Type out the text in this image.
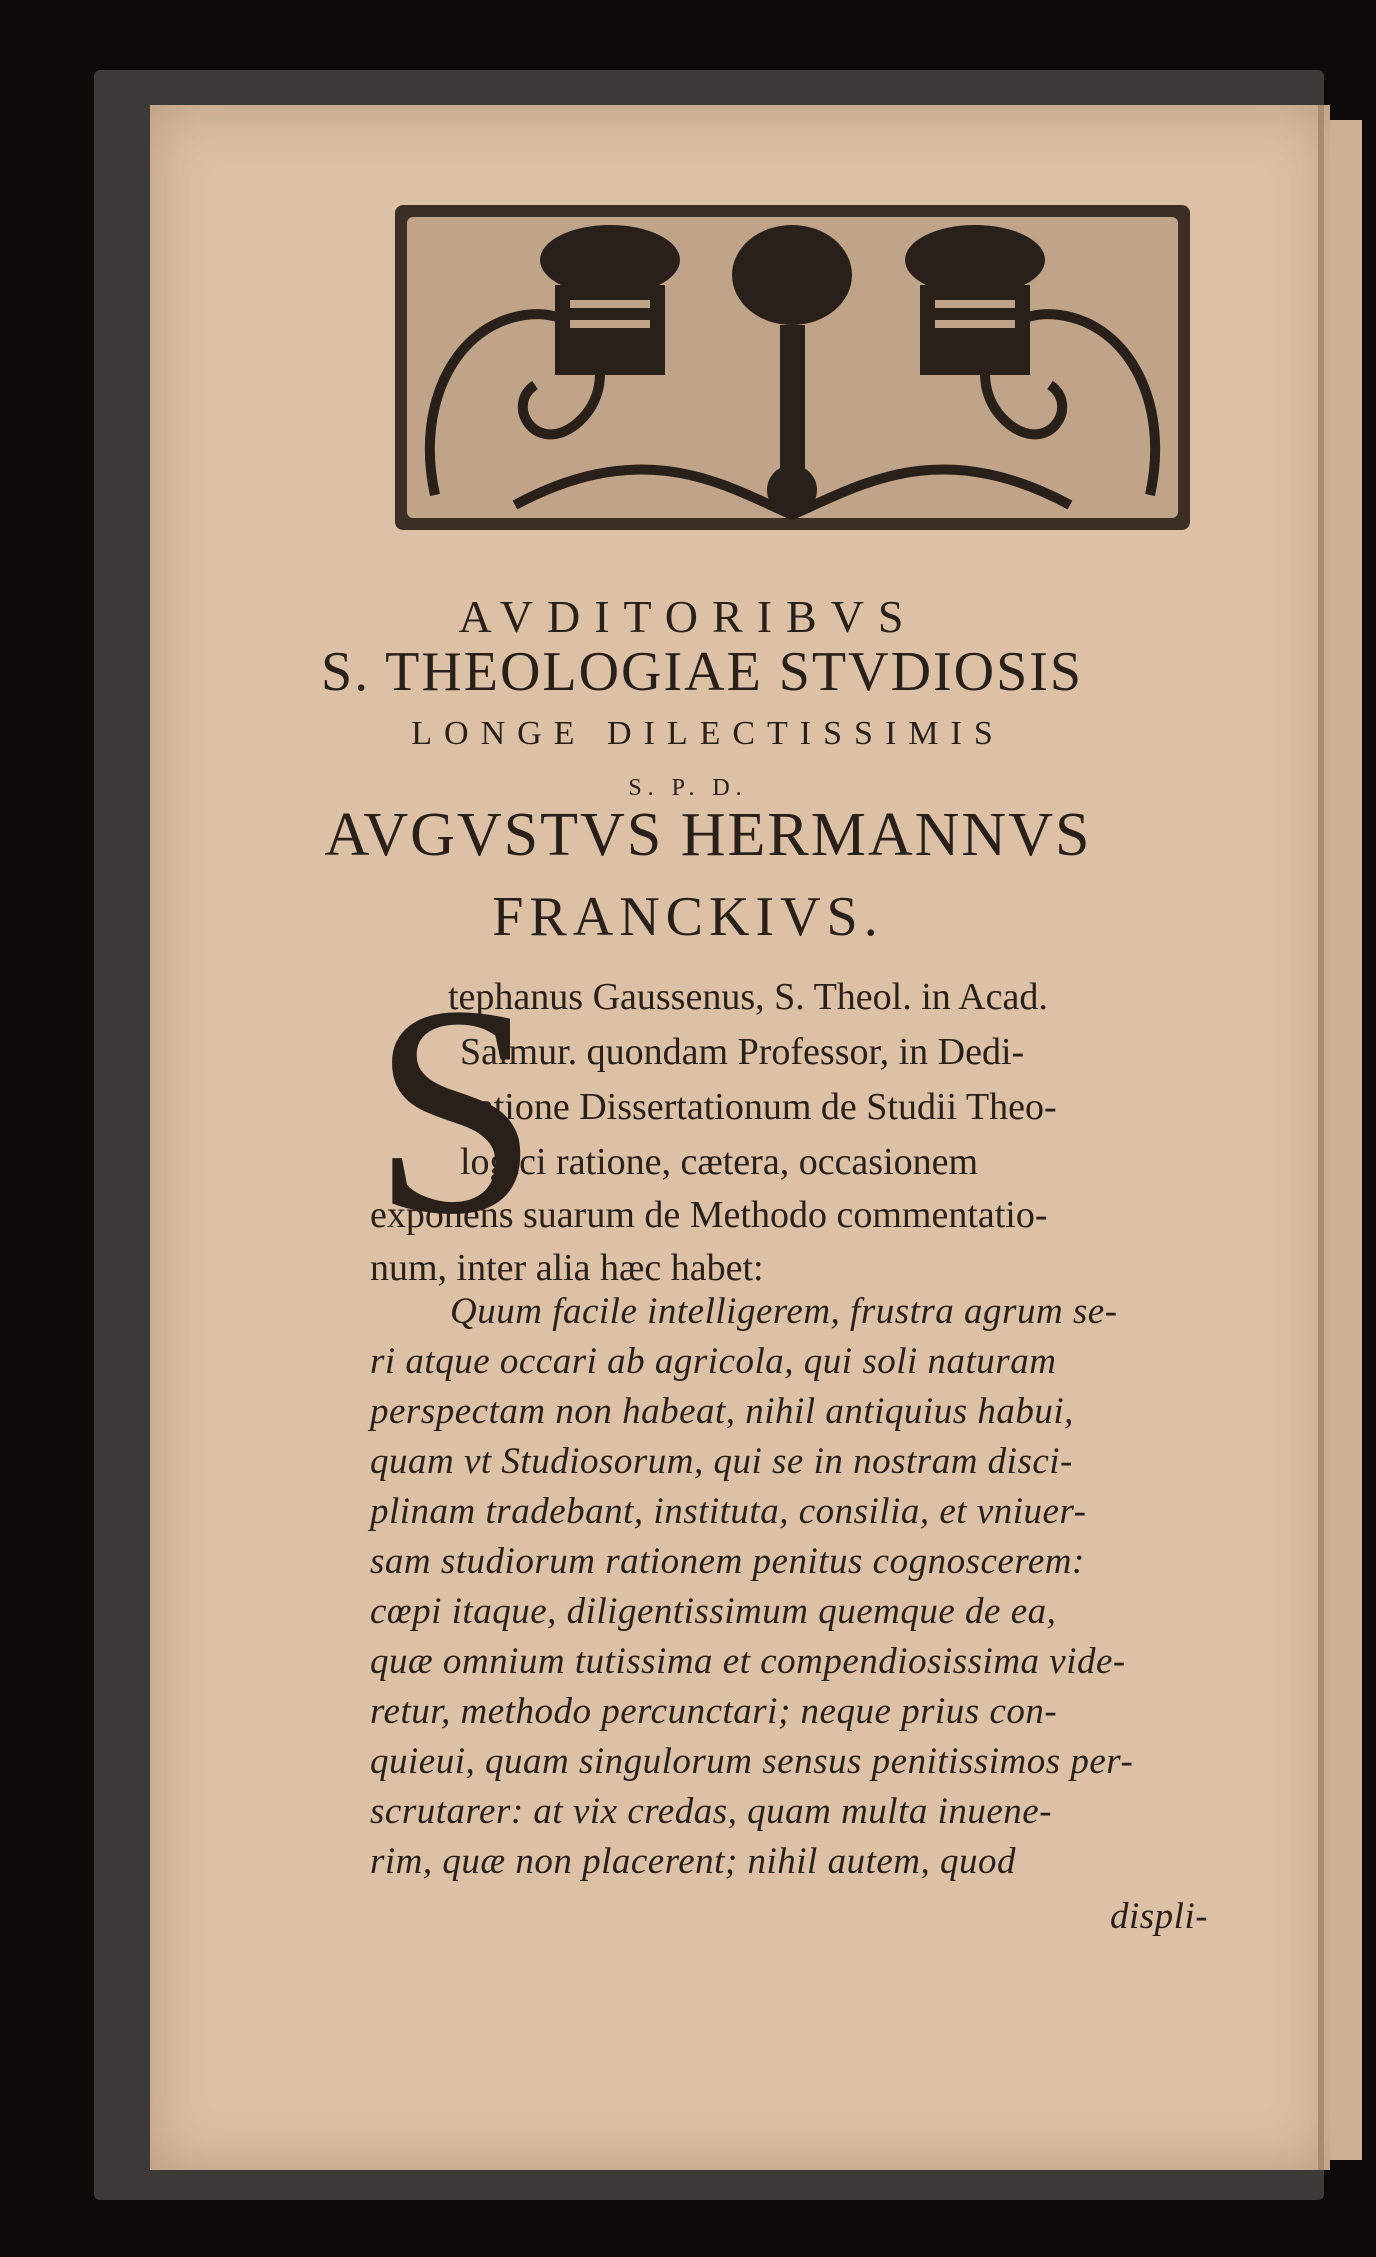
AVDITORIBVS
S. THEOLOGIAE STVDIOSIS
LONGE DILECTISSIMIS
S. P. D.
AVGVSTVS HERMANNVS
FRANCKIVS.
S
tephanus Gaussenus, S. Theol. in Acad.
Salmur. quondam Professor, in Dedi-
catione Dissertationum de Studii Theo-
logici ratione, cætera, occasionem
exponens suarum de Methodo commentatio-
num, inter alia hæc habet:
Quum facile intelligerem, frustra agrum se-
ri atque occari ab agricola, qui soli naturam
perspectam non habeat, nihil antiquius habui,
quam vt Studiosorum, qui se in nostram disci-
plinam tradebant, instituta, consilia, et vniuer-
sam studiorum rationem penitus cognoscerem:
cœpi itaque, diligentissimum quemque de ea,
quæ omnium tutissima et compendiosissima vide-
retur, methodo percunctari; neque prius con-
quieui, quam singulorum sensus penitissimos per-
scrutarer: at vix credas, quam multa inuene-
rim, quæ non placerent; nihil autem, quod
displi-
